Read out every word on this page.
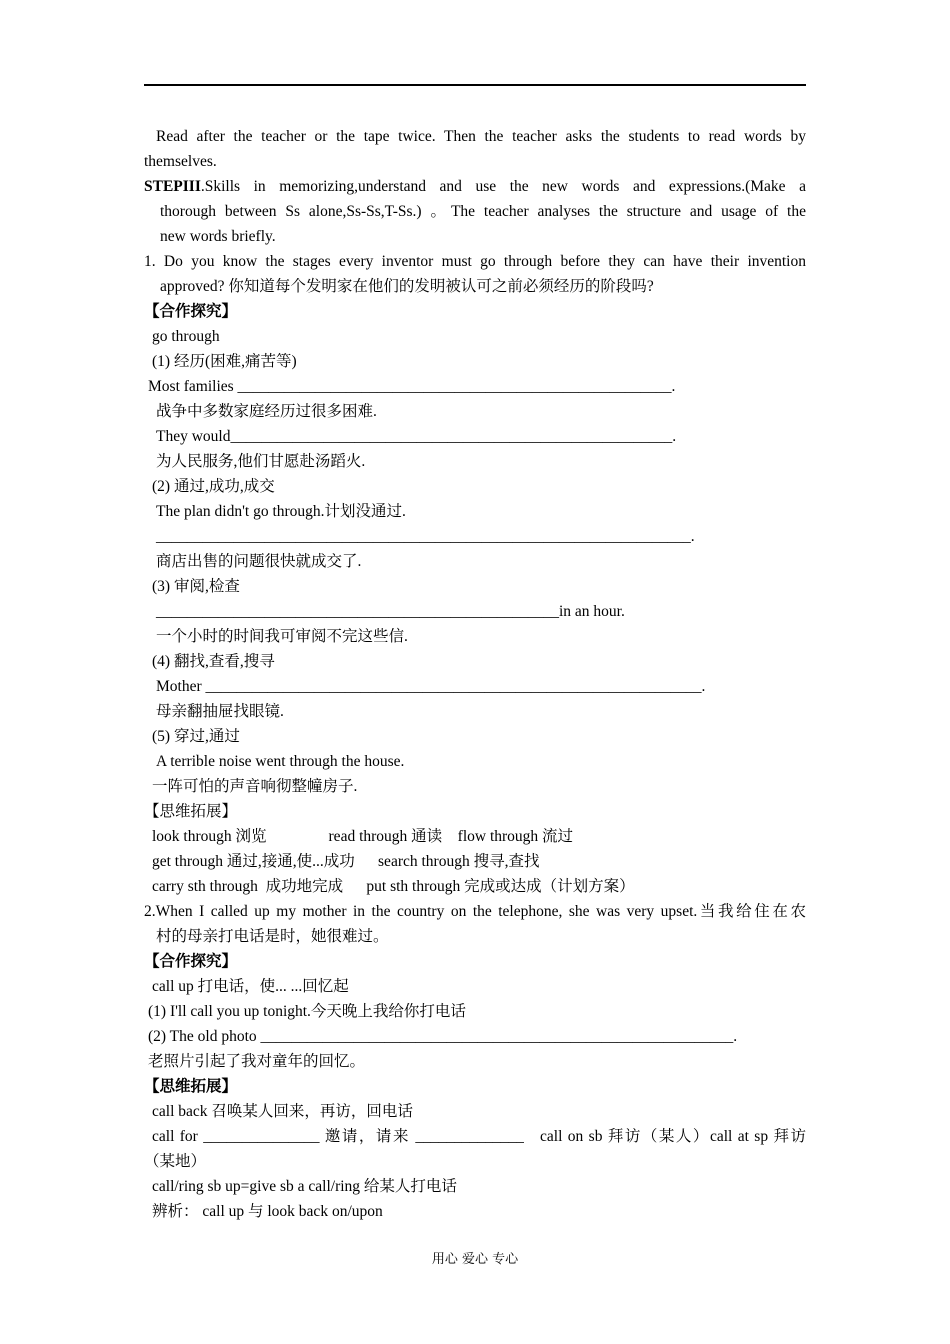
Read after the teacher or the tape twice. Then the teacher asks the students to read words by
themselves.
STEPIII.Skills in memorizing,understand and use the new words and expressions.(Make a
thorough between Ss alone,Ss-Ss,T-Ss.) 。The teacher analyses the structure and usage of the
new words briefly.
1. Do you know the stages every inventor must go through before they can have their invention
approved? 你知道每个发明家在他们的发明被认可之前必须经历的阶段吗?
【合作探究】
go through
(1) 经历(困难,痛苦等)
Most families ________________________________________________________.
战争中多数家庭经历过很多困难.
They would_________________________________________________________.
为人民服务,他们甘愿赴汤蹈火.
(2) 通过,成功,成交
The plan didn't go through.计划没通过.
_____________________________________________________________________.
商店出售的问题很快就成交了.
(3) 审阅,检查
____________________________________________________in an hour.
一个小时的时间我可审阅不完这些信.
(4) 翻找,查看,搜寻
Mother ________________________________________________________________.
母亲翻抽屉找眼镜.
(5) 穿过,通过
A terrible noise went through the house.
一阵可怕的声音响彻整幢房子.
【思维拓展】
look through 浏览                read through 通读    flow through 流过
get through 通过,接通,使...成功      search through 搜寻,查找
carry sth through  成功地完成      put sth through 完成或达成（计划方案）
2.When I called up my mother in the country on the telephone, she was very upset.当我给住在农
村的母亲打电话是时，她很难过。
【合作探究】
call up 打电话，使... ...回忆起
(1) I'll call you up tonight.今天晚上我给你打电话
(2) The old photo _____________________________________________________________.
老照片引起了我对童年的回忆。
【思维拓展】
call back 召唤某人回来，再访，回电话
call for _______________ 邀请，请来 ______________   call on sb 拜访（某人）call at sp 拜访
（某地）
call/ring sb up=give sb a call/ring 给某人打电话
辨析： call up 与 look back on/upon
用心 爱心 专心
